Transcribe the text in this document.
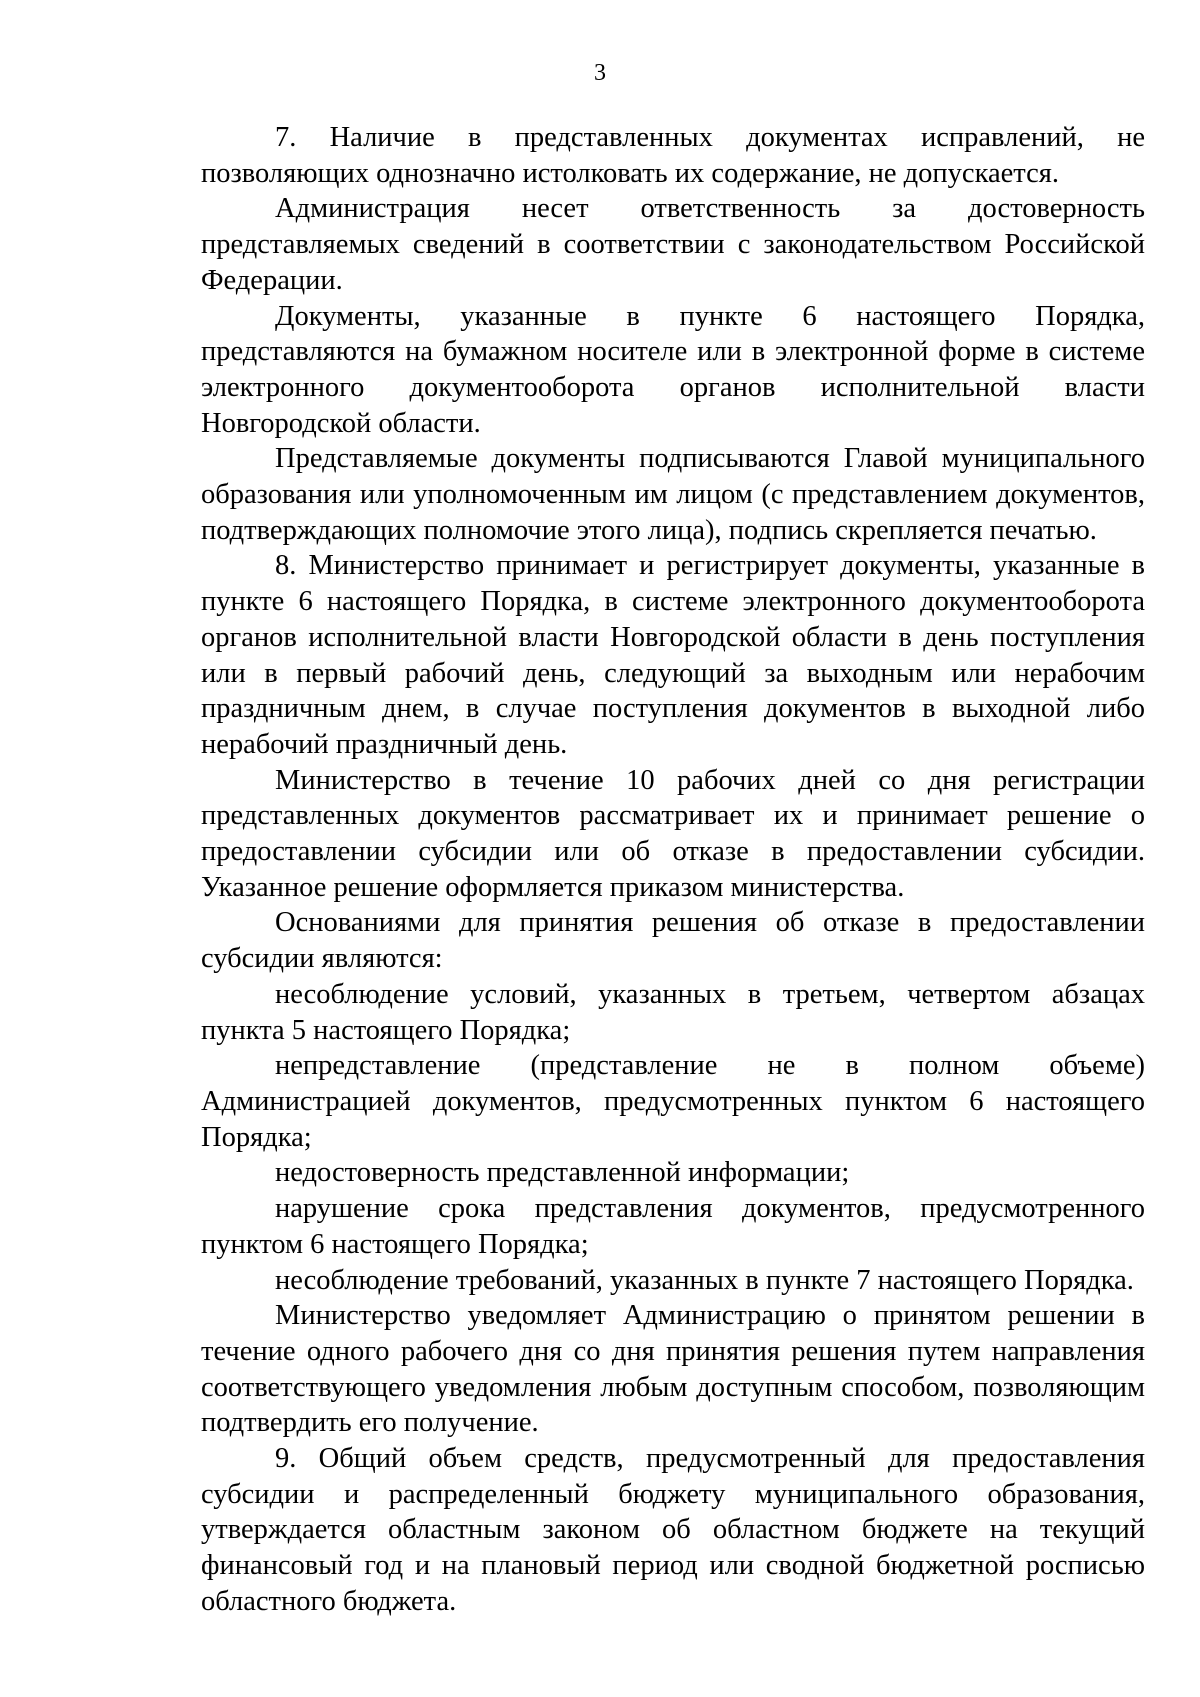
3

7. Наличие в представленных документах исправлений, не позволяющих однозначно истолковать их содержание, не допускается.

Администрация несет ответственность за достоверность представляемых сведений в соответствии с законодательством Российской Федерации.

Документы, указанные в пункте 6 настоящего Порядка, представляются на бумажном носителе или в электронной форме в системе электронного документооборота органов исполнительной власти Новгородской области.

Представляемые документы подписываются Главой муниципального образования или уполномоченным им лицом (с представлением документов, подтверждающих полномочие этого лица), подпись скрепляется печатью.

8. Министерство принимает и регистрирует документы, указанные в пункте 6 настоящего Порядка, в системе электронного документооборота органов исполнительной власти Новгородской области в день поступления или в первый рабочий день, следующий за выходным или нерабочим праздничным днем, в случае поступления документов в выходной либо нерабочий праздничный день.

Министерство в течение 10 рабочих дней со дня регистрации представленных документов рассматривает их и принимает решение о предоставлении субсидии или об отказе в предоставлении субсидии. Указанное решение оформляется приказом министерства.

Основаниями для принятия решения об отказе в предоставлении субсидии являются:

несоблюдение условий, указанных в третьем, четвертом абзацах пункта 5 настоящего Порядка;

непредставление (представление не в полном объеме) Администрацией документов, предусмотренных пунктом 6 настоящего Порядка;

недостоверность представленной информации;

нарушение срока представления документов, предусмотренного пунктом 6 настоящего Порядка;

несоблюдение требований, указанных в пункте 7 настоящего Порядка.

Министерство уведомляет Администрацию о принятом решении в течение одного рабочего дня со дня принятия решения путем направления соответствующего уведомления любым доступным способом, позволяющим подтвердить его получение.

9. Общий объем средств, предусмотренный для предоставления субсидии и распределенный бюджету муниципального образования, утверждается областным законом об областном бюджете на текущий финансовый год и на плановый период или сводной бюджетной росписью областного бюджета.
